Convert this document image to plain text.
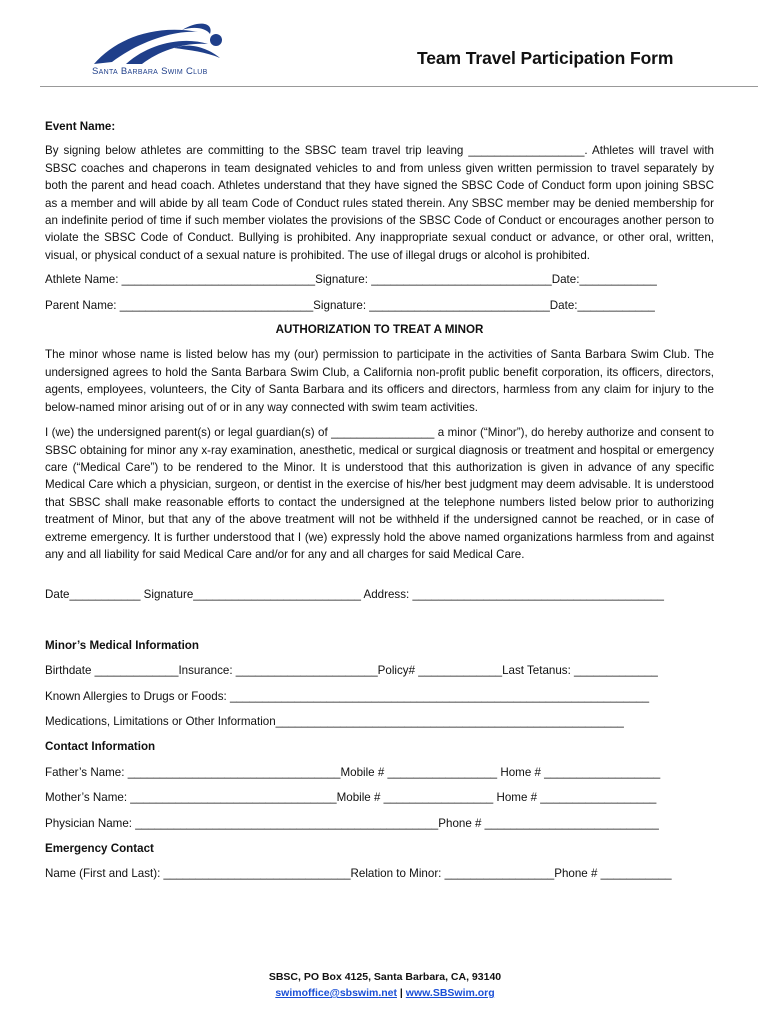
Santa Barbara Swim Club
Team Travel Participation Form

Event Name:

By signing below athletes are committing to the SBSC team travel trip leaving __________________. Athletes will travel with SBSC coaches and chaperons in team designated vehicles to and from unless given written permission to travel separately by both the parent and head coach. Athletes understand that they have signed the SBSC Code of Conduct form upon joining SBSC as a member and will abide by all team Code of Conduct rules stated therein. Any SBSC member may be denied membership for an indefinite period of time if such member violates the provisions of the SBSC Code of Conduct or encourages another person to violate the SBSC Code of Conduct. Bullying is prohibited. Any inappropriate sexual conduct or advance, or other oral, written, visual, or physical conduct of a sexual nature is prohibited. The use of illegal drugs or alcohol is prohibited.

Athlete Name: ______________________________Signature: ____________________________Date:____________

Parent Name: ______________________________Signature: ____________________________Date:____________

AUTHORIZATION TO TREAT A MINOR

The minor whose name is listed below has my (our) permission to participate in the activities of Santa Barbara Swim Club. The undersigned agrees to hold the Santa Barbara Swim Club, a California non-profit public benefit corporation, its officers, directors, agents, employees, volunteers, the City of Santa Barbara and its officers and directors, harmless from any claim for injury to the below-named minor arising out of or in any way connected with swim team activities.

I (we) the undersigned parent(s) or legal guardian(s) of ________________ a minor (“Minor”), do hereby authorize and consent to SBSC obtaining for minor any x-ray examination, anesthetic, medical or surgical diagnosis or treatment and hospital or emergency care (“Medical Care”) to be rendered to the Minor. It is understood that this authorization is given in advance of any specific Medical Care which a physician, surgeon, or dentist in the exercise of his/her best judgment may deem advisable. It is understood that SBSC shall make reasonable efforts to contact the undersigned at the telephone numbers listed below prior to authorizing treatment of Minor, but that any of the above treatment will not be withheld if the undersigned cannot be reached, or in case of extreme emergency. It is further understood that I (we) expressly hold the above named organizations harmless from and against any and all liability for said Medical Care and/or for any and all charges for said Medical Care.

Date___________ Signature__________________________ Address: _______________________________________

Minor’s Medical Information

Birthdate _____________Insurance: ______________________Policy# _____________Last Tetanus: _____________

Known Allergies to Drugs or Foods: _________________________________________________________________

Medications, Limitations or Other Information______________________________________________________

Contact Information

Father’s Name: _________________________________Mobile # _________________ Home # __________________

Mother’s Name: ________________________________Mobile # _________________ Home # __________________

Physician Name: _______________________________________________Phone # ___________________________

Emergency Contact

Name (First and Last): _____________________________Relation to Minor: _________________Phone # ___________

SBSC, PO Box 4125, Santa Barbara, CA, 93140
swimoffice@sbswim.net | www.SBSwim.org
